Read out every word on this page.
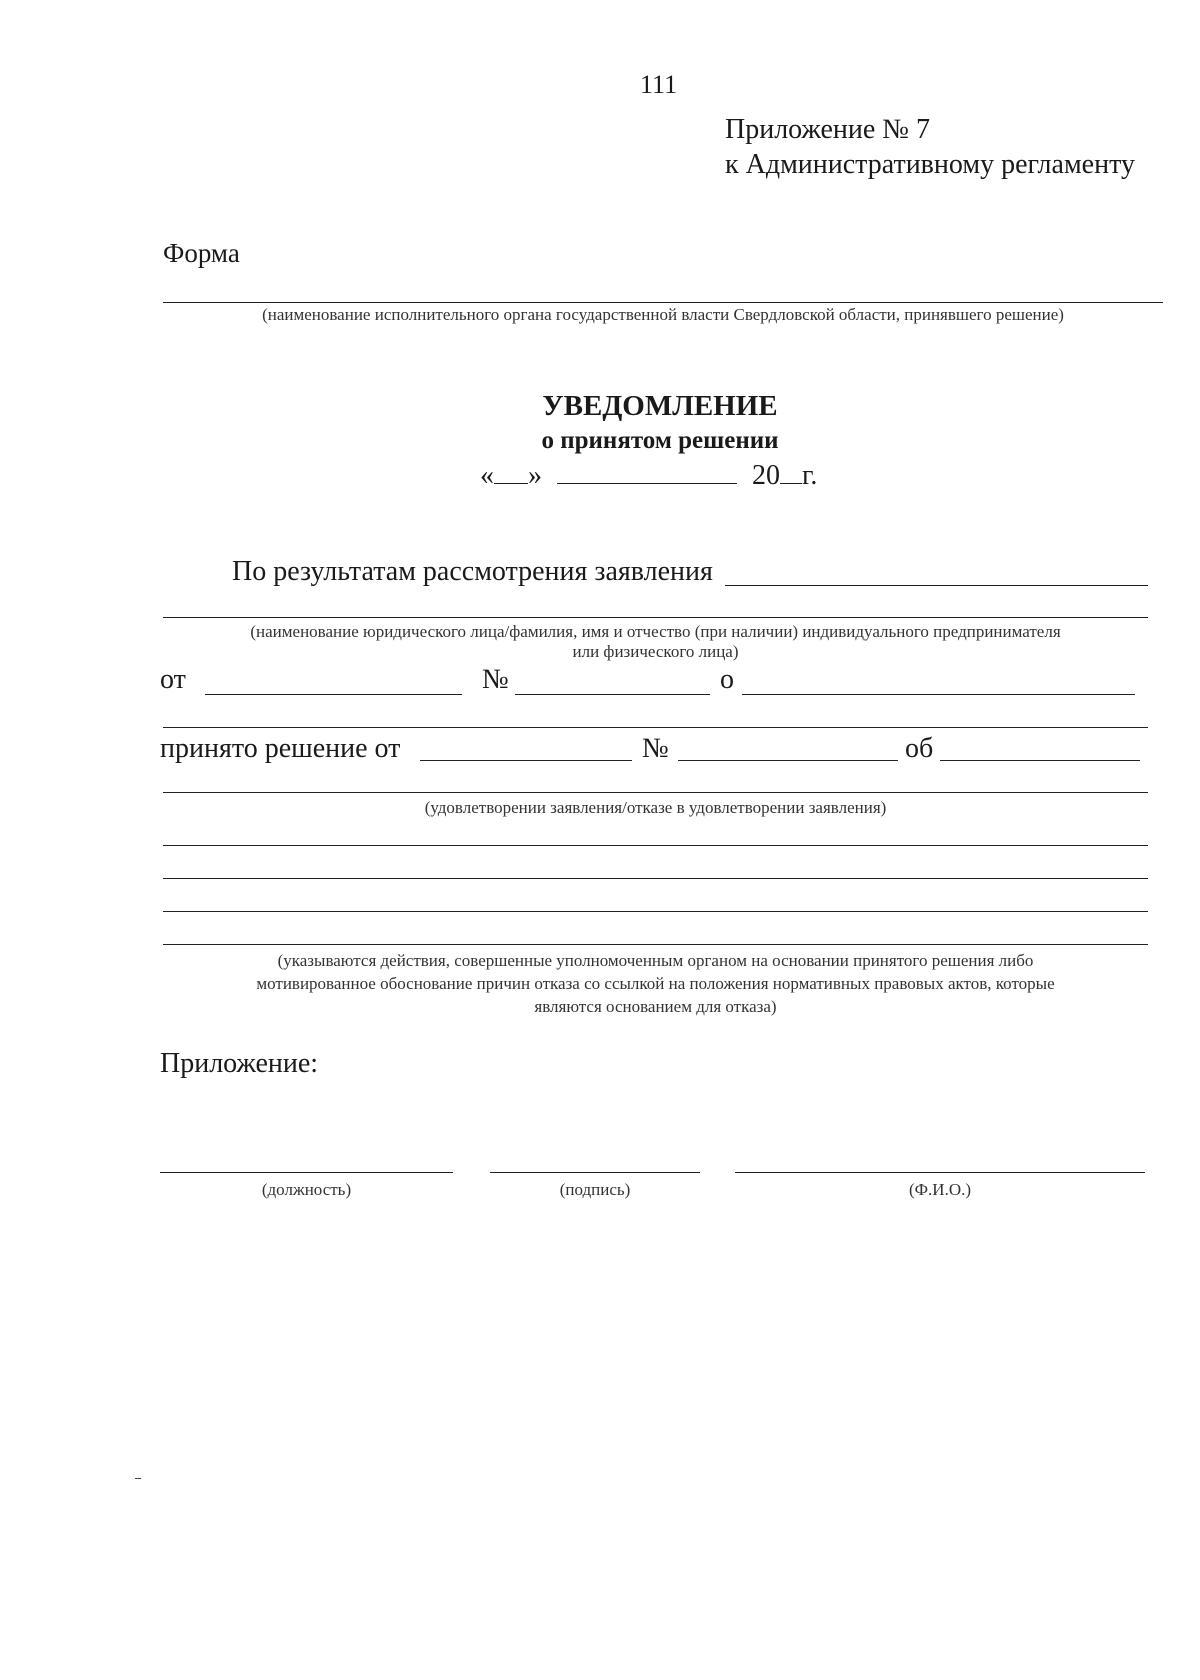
111
Приложение № 7
к Административному регламенту
Форма
(наименование исполнительного органа государственной власти Свердловской области, принявшего решение)
УВЕДОМЛЕНИЕ
о принятом решении
« »	20 г.
По результатам рассмотрения заявления
(наименование юридического лица/фамилия, имя и отчество (при наличии) индивидуального предпринимателя
или физического лица)
от	№	о
принято решение от	№	об
(удовлетворении заявления/отказе в удовлетворении заявления)
(указываются действия, совершенные уполномоченным органом на основании принятого решения либо
мотивированное обоснование причин отказа со ссылкой на положения нормативных правовых актов, которые
являются основанием для отказа)
Приложение:
(должность)	(подпись)	(Ф.И.О.)
